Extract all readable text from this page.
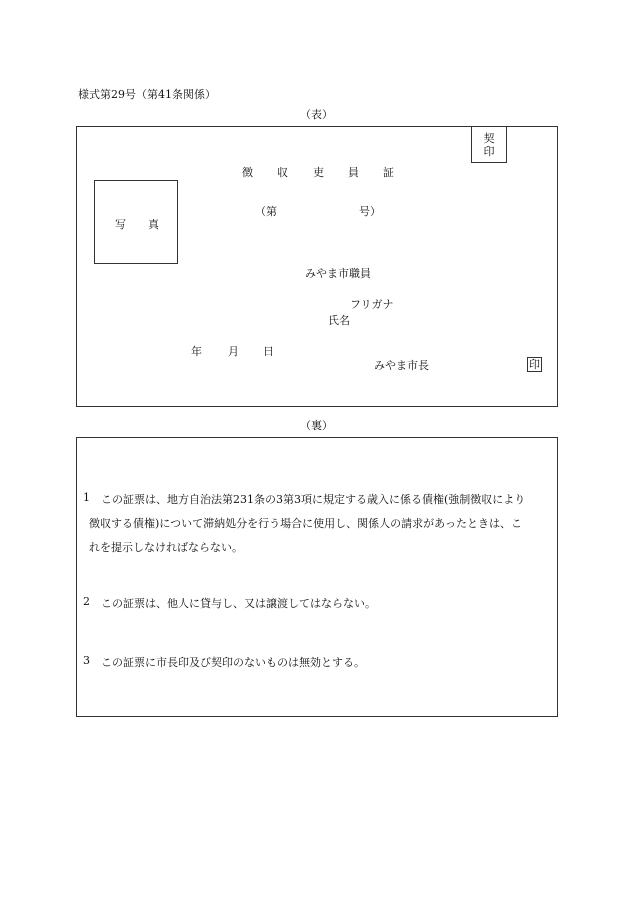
様式第29号（第41条関係）
（表）
契
印
徴 収 吏 員 証
写 真
（第	号）
みやま市職員
フリガナ
氏名
年 月 日
みやま市長	印
（裏）
1 この証票は、地方自治法第231条の3第3項に規定する歳入に係る債権(強制徴収により
徴収する債権)について滞納処分を行う場合に使用し、関係人の請求があったときは、こ
れを提示しなければならない。
2 この証票は、他人に貸与し、又は譲渡してはならない。
3 この証票に市長印及び契印のないものは無効とする。
